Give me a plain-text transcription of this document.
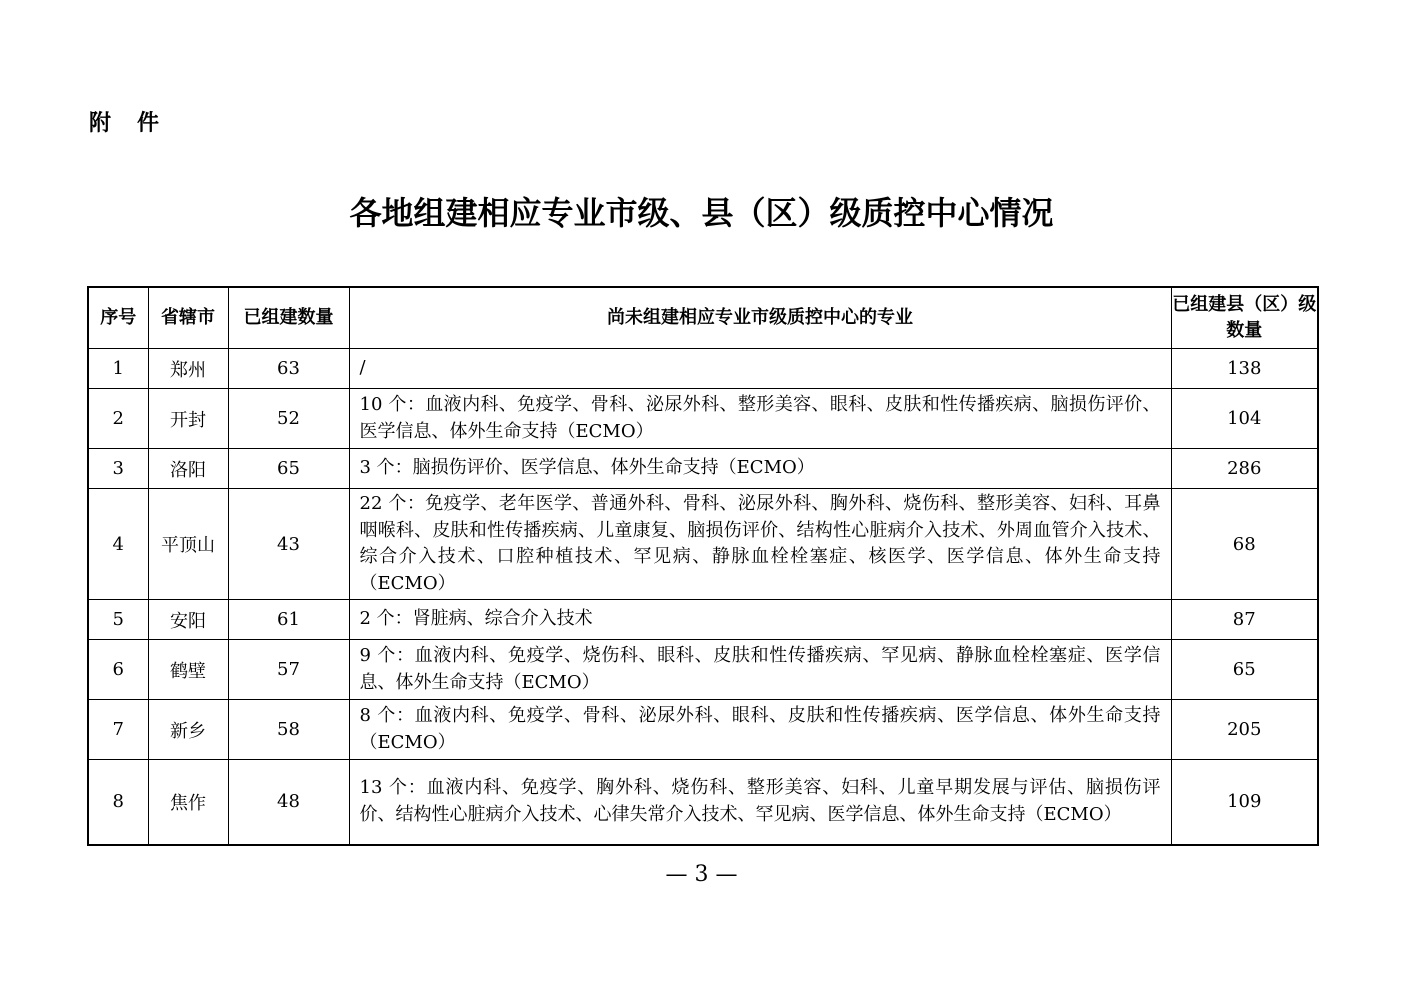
附 件
各地组建相应专业市级、县（区）级质控中心情况
序号	省辖市	已组建数量	尚未组建相应专业市级质控中心的专业	已组建县（区）级数量
1	郑州	63	/	138
2	开封	52	10 个：血液内科、免疫学、骨科、泌尿外科、整形美容、眼科、皮肤和性传播疾病、脑损伤评价、医学信息、体外生命支持（ECMO）	104
3	洛阳	65	3 个：脑损伤评价、医学信息、体外生命支持（ECMO）	286
4	平顶山	43	22 个：免疫学、老年医学、普通外科、骨科、泌尿外科、胸外科、烧伤科、整形美容、妇科、耳鼻咽喉科、皮肤和性传播疾病、儿童康复、脑损伤评价、结构性心脏病介入技术、外周血管介入技术、综合介入技术、口腔种植技术、罕见病、静脉血栓栓塞症、核医学、医学信息、体外生命支持（ECMO）	68
5	安阳	61	2 个：肾脏病、综合介入技术	87
6	鹤壁	57	9 个：血液内科、免疫学、烧伤科、眼科、皮肤和性传播疾病、罕见病、静脉血栓栓塞症、医学信息、体外生命支持（ECMO）	65
7	新乡	58	8 个：血液内科、免疫学、骨科、泌尿外科、眼科、皮肤和性传播疾病、医学信息、体外生命支持（ECMO）	205
8	焦作	48	13 个：血液内科、免疫学、胸外科、烧伤科、整形美容、妇科、儿童早期发展与评估、脑损伤评价、结构性心脏病介入技术、心律失常介入技术、罕见病、医学信息、体外生命支持（ECMO）	109
— 3 —
